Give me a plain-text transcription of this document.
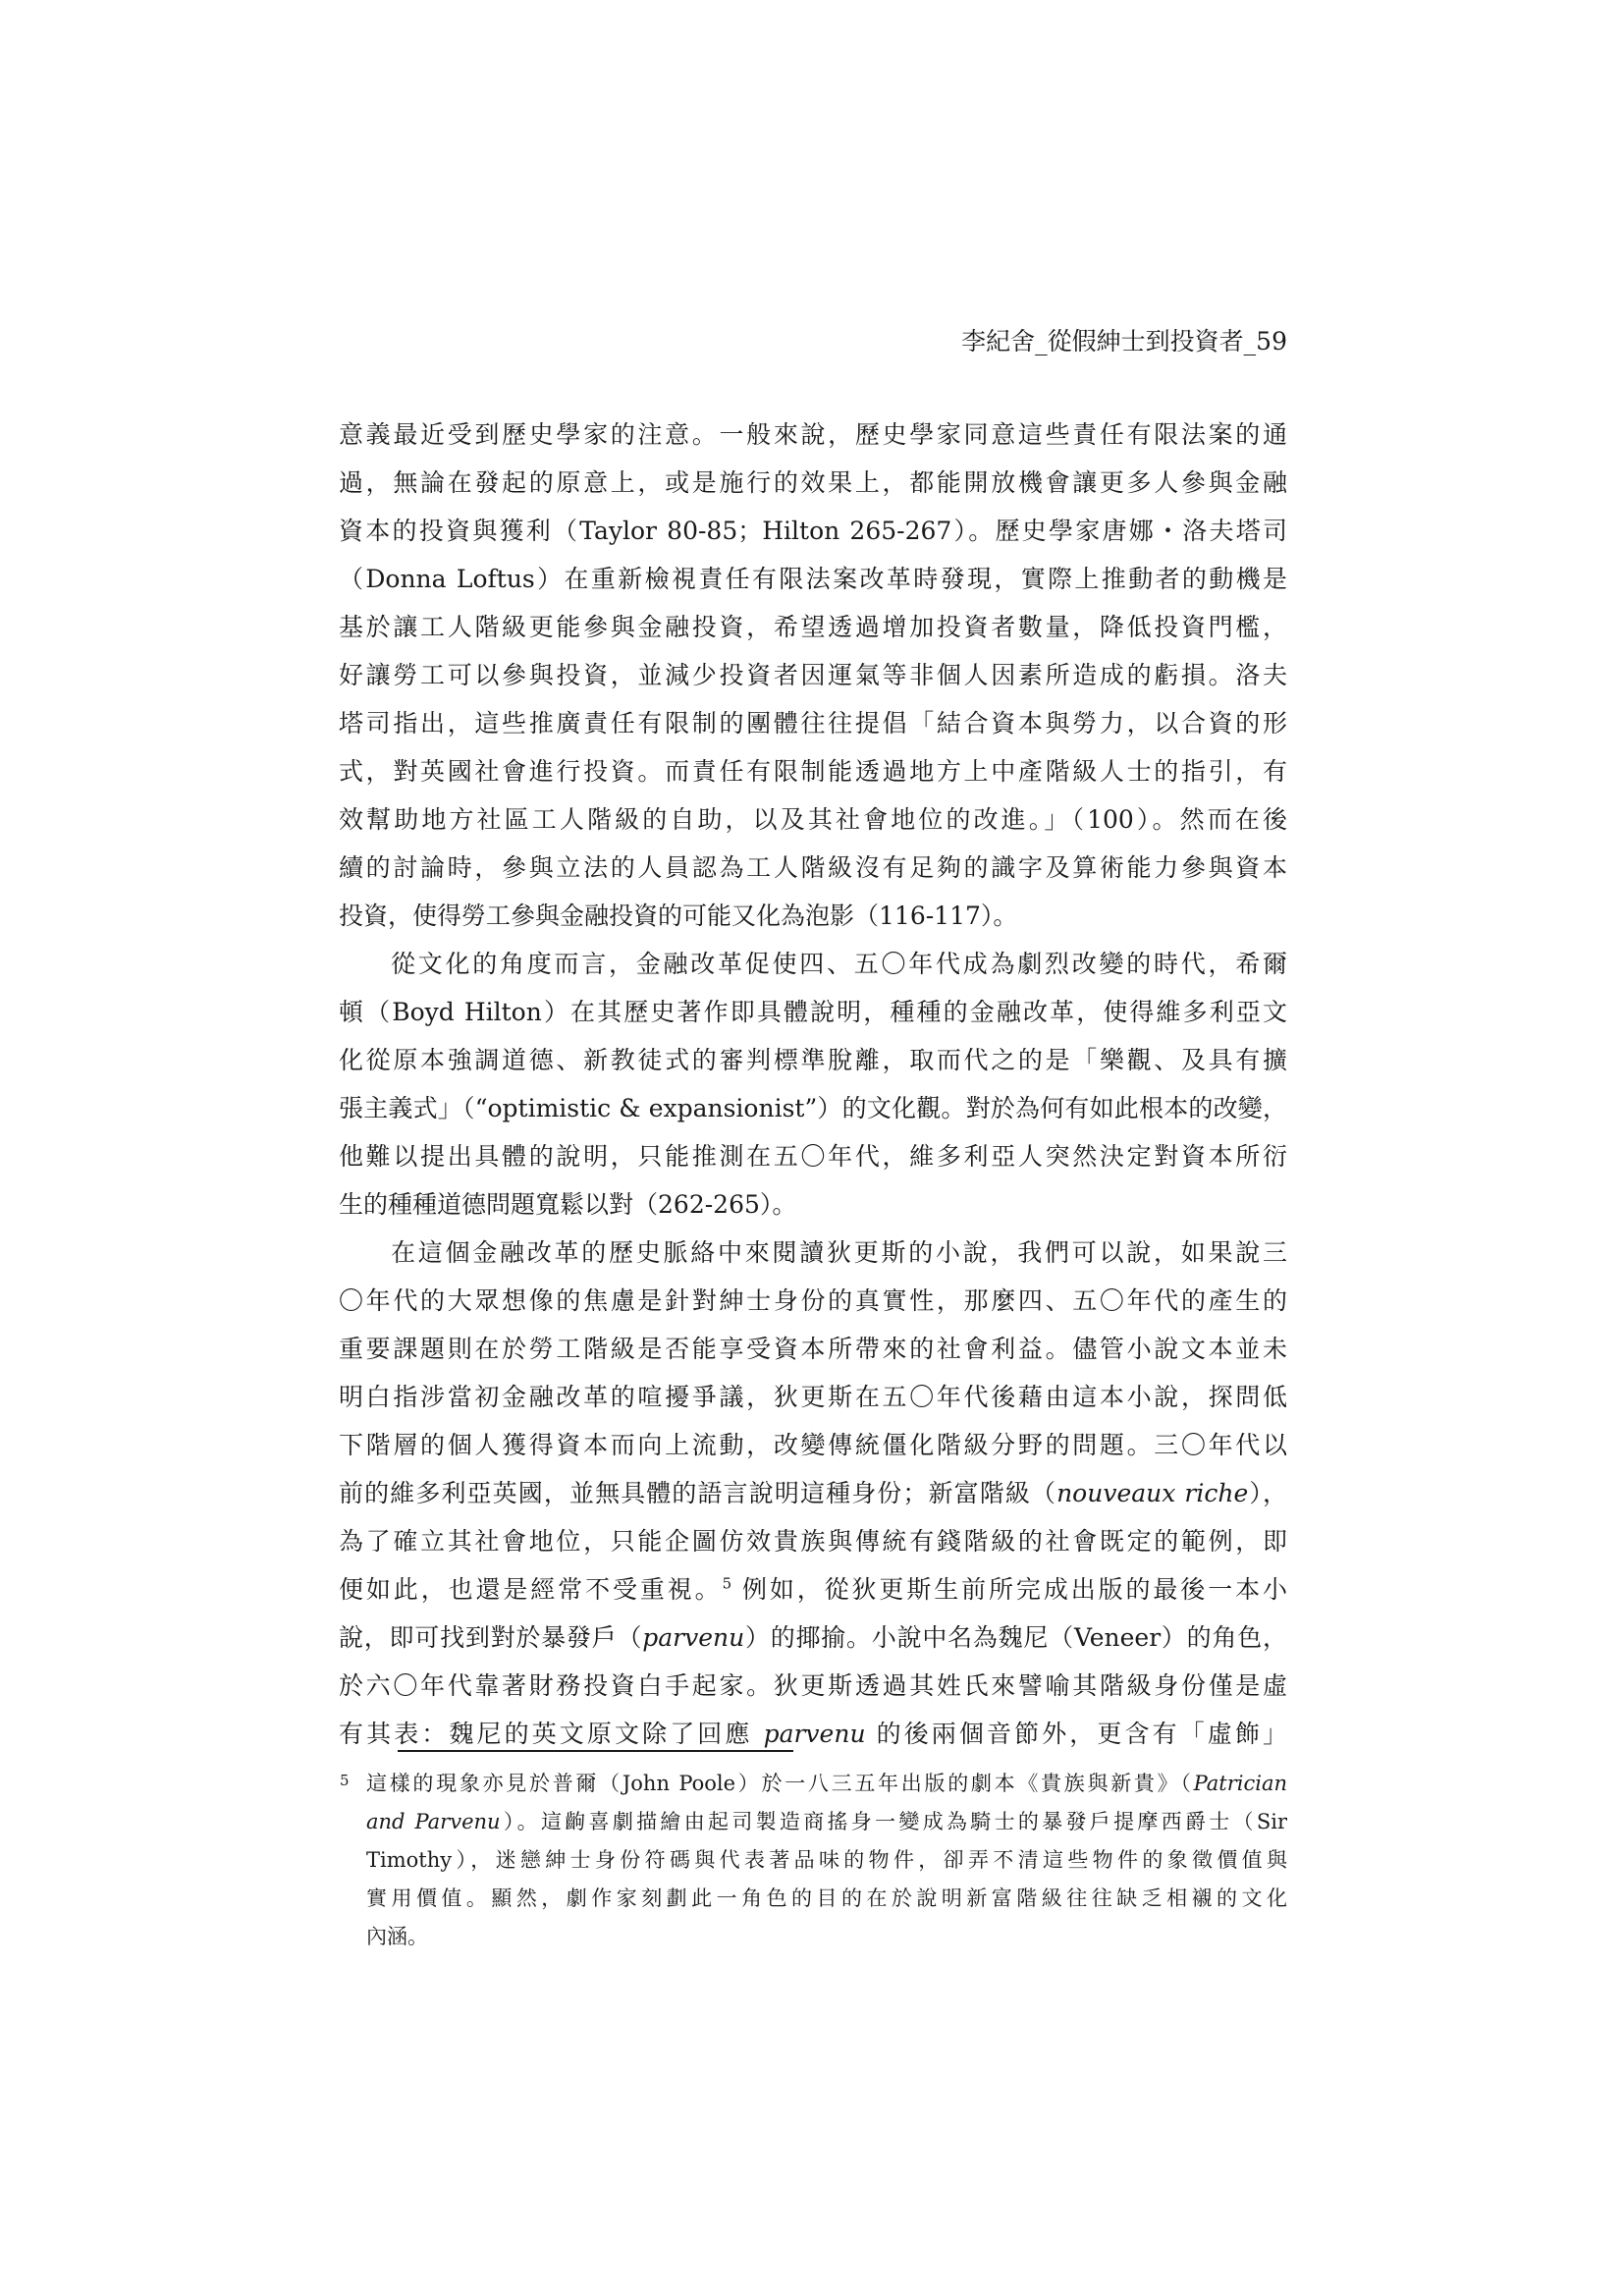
李紀舍_從假紳士到投資者_59
意義最近受到歷史學家的注意。一般來說，歷史學家同意這些責任有限法案的通
過，無論在發起的原意上，或是施行的效果上，都能開放機會讓更多人參與金融
資本的投資與獲利（Taylor 80-85；Hilton 265-267）。歷史學家唐娜・洛夫塔司
（Donna Loftus）在重新檢視責任有限法案改革時發現，實際上推動者的動機是
基於讓工人階級更能參與金融投資，希望透過增加投資者數量，降低投資門檻，
好讓勞工可以參與投資，並減少投資者因運氣等非個人因素所造成的虧損。洛夫
塔司指出，這些推廣責任有限制的團體往往提倡「結合資本與勞力，以合資的形
式，對英國社會進行投資。而責任有限制能透過地方上中產階級人士的指引，有
效幫助地方社區工人階級的自助，以及其社會地位的改進。」（100）。然而在後
續的討論時，參與立法的人員認為工人階級沒有足夠的識字及算術能力參與資本
投資，使得勞工參與金融投資的可能又化為泡影（116-117）。
從文化的角度而言，金融改革促使四、五〇年代成為劇烈改變的時代，希爾
頓（Boyd Hilton）在其歷史著作即具體說明，種種的金融改革，使得維多利亞文
化從原本強調道德、新教徒式的審判標準脫離，取而代之的是「樂觀、及具有擴
張主義式」（“optimistic & expansionist”）的文化觀。對於為何有如此根本的改變，
他難以提出具體的說明，只能推測在五〇年代，維多利亞人突然決定對資本所衍
生的種種道德問題寬鬆以對（262-265）。
在這個金融改革的歷史脈絡中來閱讀狄更斯的小說，我們可以說，如果說三
〇年代的大眾想像的焦慮是針對紳士身份的真實性，那麼四、五〇年代的產生的
重要課題則在於勞工階級是否能享受資本所帶來的社會利益。儘管小說文本並未
明白指涉當初金融改革的喧擾爭議，狄更斯在五〇年代後藉由這本小說，探問低
下階層的個人獲得資本而向上流動，改變傳統僵化階級分野的問題。三〇年代以
前的維多利亞英國，並無具體的語言說明這種身份；新富階級（nouveaux riche），
為了確立其社會地位，只能企圖仿效貴族與傳統有錢階級的社會既定的範例，即
便如此，也還是經常不受重視。$^5$ 例如，從狄更斯生前所完成出版的最後一本小
說，即可找到對於暴發戶（parvenu）的揶揄。小說中名為魏尼（Veneer）的角色，
於六〇年代靠著財務投資白手起家。狄更斯透過其姓氏來譬喻其階級身份僅是虛
有其表：魏尼的英文原文除了回應 parvenu 的後兩個音節外，更含有「虛飾」
5 這樣的現象亦見於普爾（John Poole）於一八三五年出版的劇本《貴族與新貴》（Patrician
and Parvenu）。這齣喜劇描繪由起司製造商搖身一變成為騎士的暴發戶提摩西爵士（Sir
Timothy），迷戀紳士身份符碼與代表著品味的物件，卻弄不清這些物件的象徵價值與
實用價值。顯然，劇作家刻劃此一角色的目的在於說明新富階級往往缺乏相襯的文化
內涵。
